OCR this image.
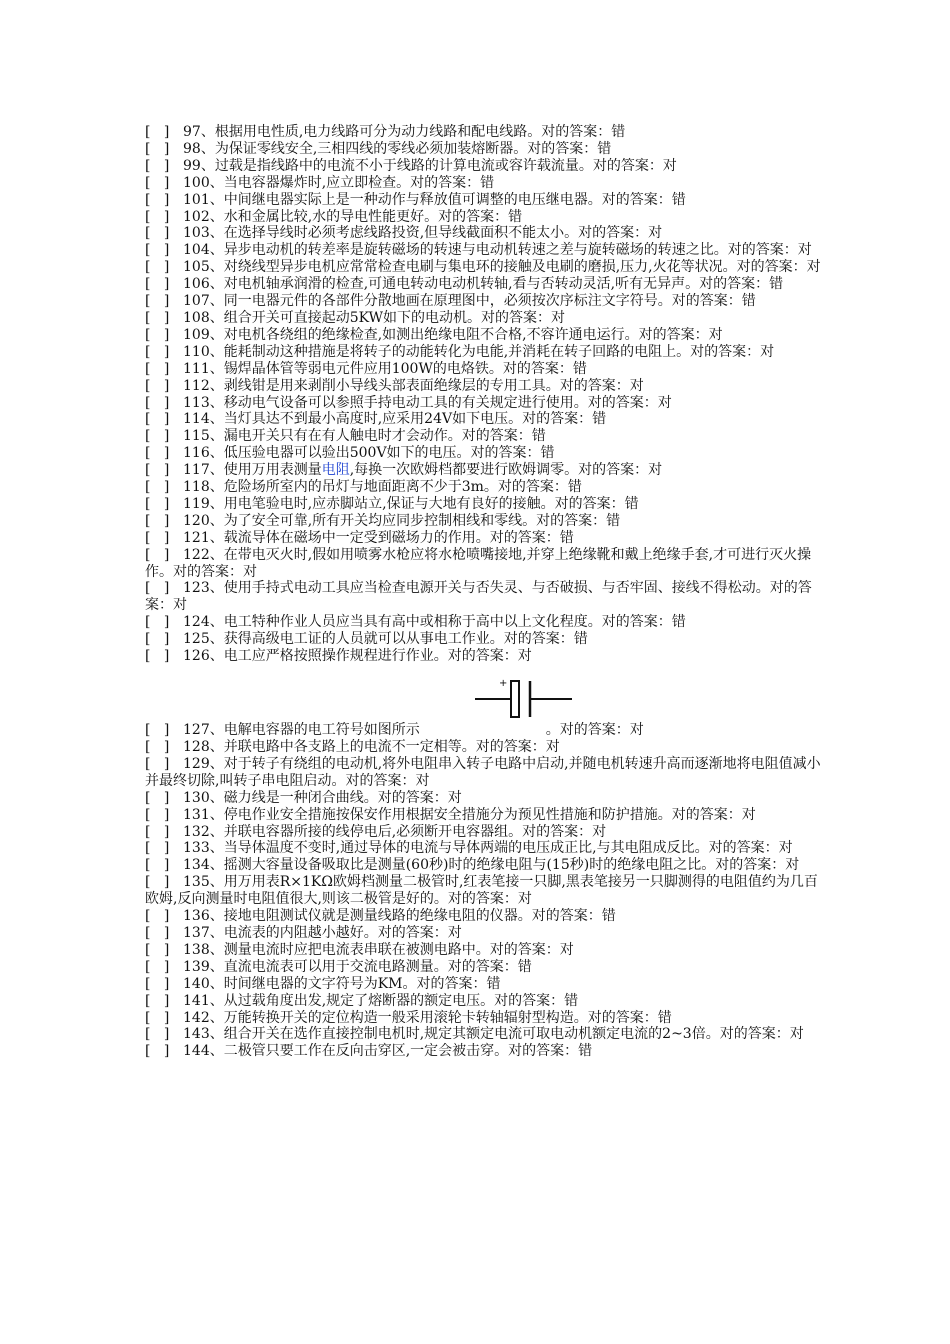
[   ] 97、根据用电性质,电力线路可分为动力线路和配电线路。对的答案：错

[   ] 98、为保证零线安全,三相四线的零线必须加装熔断器。对的答案：错

[   ] 99、过载是指线路中的电流不小于线路的计算电流或容许载流量。对的答案：对

[   ] 100、当电容器爆炸时,应立即检查。对的答案：错

[   ] 101、中间继电器实际上是一种动作与释放值可调整的电压继电器。对的答案：错

[   ] 102、水和金属比较,水的导电性能更好。对的答案：错

[   ] 103、在选择导线时必须考虑线路投资,但导线截面积不能太小。对的答案：对

[   ] 104、异步电动机的转差率是旋转磁场的转速与电动机转速之差与旋转磁场的转速之比。对的答案：对

[   ] 105、对绕线型异步电机应常常检查电刷与集电环的接触及电刷的磨损,压力,火花等状况。对的答案：对

[   ] 106、对电机轴承润滑的检查,可通电转动电动机转轴,看与否转动灵活,听有无异声。对的答案：错

[   ] 107、同一电器元件的各部件分散地画在原理图中，必须按次序标注文字符号。对的答案：错

[   ] 108、组合开关可直接起动5KW如下的电动机。对的答案：对

[   ] 109、对电机各绕组的绝缘检查,如测出绝缘电阻不合格,不容许通电运行。对的答案：对

[   ] 110、能耗制动这种措施是将转子的动能转化为电能,并消耗在转子回路的电阻上。对的答案：对

[   ] 111、锡焊晶体管等弱电元件应用100W的电烙铁。对的答案：错

[   ] 112、剥线钳是用来剥削小导线头部表面绝缘层的专用工具。对的答案：对

[   ] 113、移动电气设备可以参照手持电动工具的有关规定进行使用。对的答案：对

[   ] 114、当灯具达不到最小高度时,应采用24V如下电压。对的答案：错

[   ] 115、漏电开关只有在有人触电时才会动作。对的答案：错

[   ] 116、低压验电器可以验出500V如下的电压。对的答案：错

[   ] 117、使用万用表测量电阻,每换一次欧姆档都要进行欧姆调零。对的答案：对

[   ] 118、危险场所室内的吊灯与地面距离不少于3m。对的答案：错

[   ] 119、用电笔验电时,应赤脚站立,保证与大地有良好的接触。对的答案：错

[   ] 120、为了安全可靠,所有开关均应同步控制相线和零线。对的答案：错

[   ] 121、载流导体在磁场中一定受到磁场力的作用。对的答案：错

[   ] 122、在带电灭火时,假如用喷雾水枪应将水枪喷嘴接地,并穿上绝缘靴和戴上绝缘手套,才可进行灭火操作。对的答案：对

[   ] 123、使用手持式电动工具应当检查电源开关与否失灵、与否破损、与否牢固、接线不得松动。对的答案：对

[   ] 124、电工特种作业人员应当具有高中或相称于高中以上文化程度。对的答案：错

[   ] 125、获得高级电工证的人员就可以从事电工作业。对的答案：错

[   ] 126、电工应严格按照操作规程进行作业。对的答案：对

+

[   ] 127、电解电容器的电工符号如图所示	。对的答案：对

[   ] 128、并联电路中各支路上的电流不一定相等。对的答案：对

[   ] 129、对于转子有绕组的电动机,将外电阻串入转子电路中启动,并随电机转速升高而逐渐地将电阻值减小并最终切除,叫转子串电阻启动。对的答案：对

[   ] 130、磁力线是一种闭合曲线。对的答案：对

[   ] 131、停电作业安全措施按保安作用根据安全措施分为预见性措施和防护措施。对的答案：对

[   ] 132、并联电容器所接的线停电后,必须断开电容器组。对的答案：对

[   ] 133、当导体温度不变时,通过导体的电流与导体两端的电压成正比,与其电阻成反比。对的答案：对

[   ] 134、摇测大容量设备吸取比是测量(60秒)时的绝缘电阻与(15秒)时的绝缘电阻之比。对的答案：对

[   ] 135、用万用表R×1KΩ欧姆档测量二极管时,红表笔接一只脚,黑表笔接另一只脚测得的电阻值约为几百欧姆,反向测量时电阻值很大,则该二极管是好的。对的答案：对

[   ] 136、接地电阻测试仪就是测量线路的绝缘电阻的仪器。对的答案：错

[   ] 137、电流表的内阻越小越好。对的答案：对

[   ] 138、测量电流时应把电流表串联在被测电路中。对的答案：对

[   ] 139、直流电流表可以用于交流电路测量。对的答案：错

[   ] 140、时间继电器的文字符号为KM。对的答案：错

[   ] 141、从过载角度出发,规定了熔断器的额定电压。对的答案：错

[   ] 142、万能转换开关的定位构造一般采用滚轮卡转轴辐射型构造。对的答案：错

[   ] 143、组合开关在选作直接控制电机时,规定其额定电流可取电动机额定电流的2~3倍。对的答案：对

[   ] 144、二极管只要工作在反向击穿区,一定会被击穿。对的答案：错
